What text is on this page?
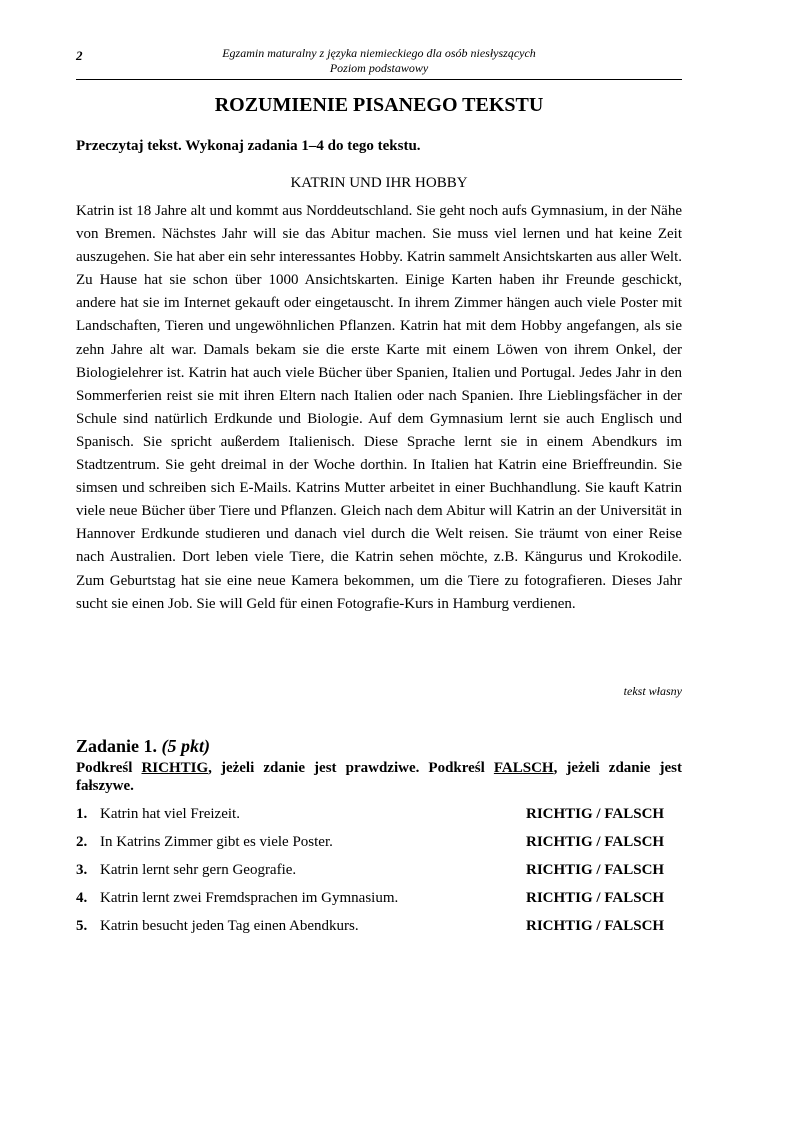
2	Egzamin maturalny z języka niemieckiego dla osób niesłyszących
Poziom podstawowy
ROZUMIENIE PISANEGO TEKSTU
Przeczytaj tekst. Wykonaj zadania 1–4 do tego tekstu.
KATRIN UND IHR HOBBY
Katrin ist 18 Jahre alt und kommt aus Norddeutschland. Sie geht noch aufs Gymnasium, in der Nähe von Bremen. Nächstes Jahr will sie das Abitur machen. Sie muss viel lernen und hat keine Zeit auszugehen. Sie hat aber ein sehr interessantes Hobby. Katrin sammelt Ansichtskarten aus aller Welt. Zu Hause hat sie schon über 1000 Ansichtskarten. Einige Karten haben ihr Freunde geschickt, andere hat sie im Internet gekauft oder eingetauscht. In ihrem Zimmer hängen auch viele Poster mit Landschaften, Tieren und ungewöhnlichen Pflanzen. Katrin hat mit dem Hobby angefangen, als sie zehn Jahre alt war. Damals bekam sie die erste Karte mit einem Löwen von ihrem Onkel, der Biologielehrer ist. Katrin hat auch viele Bücher über Spanien, Italien und Portugal. Jedes Jahr in den Sommerferien reist sie mit ihren Eltern nach Italien oder nach Spanien. Ihre Lieblingsfächer in der Schule sind natürlich Erdkunde und Biologie. Auf dem Gymnasium lernt sie auch Englisch und Spanisch. Sie spricht außerdem Italienisch. Diese Sprache lernt sie in einem Abendkurs im Stadtzentrum. Sie geht dreimal in der Woche dorthin. In Italien hat Katrin eine Brieffreundin. Sie simsen und schreiben sich E-Mails. Katrins Mutter arbeitet in einer Buchhandlung. Sie kauft Katrin viele neue Bücher über Tiere und Pflanzen. Gleich nach dem Abitur will Katrin an der Universität in Hannover Erdkunde studieren und danach viel durch die Welt reisen. Sie träumt von einer Reise nach Australien. Dort leben viele Tiere, die Katrin sehen möchte, z.B. Kängurus und Krokodile. Zum Geburtstag hat sie eine neue Kamera bekommen, um die Tiere zu fotografieren. Dieses Jahr sucht sie einen Job. Sie will Geld für einen Fotografie-Kurs in Hamburg verdienen.
tekst własny
Zadanie 1. (5 pkt)
Podkreśl RICHTIG, jeżeli zdanie jest prawdziwe. Podkreśl FALSCH, jeżeli zdanie jest fałszywe.
1. Katrin hat viel Freizeit.	RICHTIG / FALSCH
2. In Katrins Zimmer gibt es viele Poster.	RICHTIG / FALSCH
3. Katrin lernt sehr gern Geografie.	RICHTIG / FALSCH
4. Katrin lernt zwei Fremdsprachen im Gymnasium.	RICHTIG / FALSCH
5. Katrin besucht jeden Tag einen Abendkurs.	RICHTIG / FALSCH
